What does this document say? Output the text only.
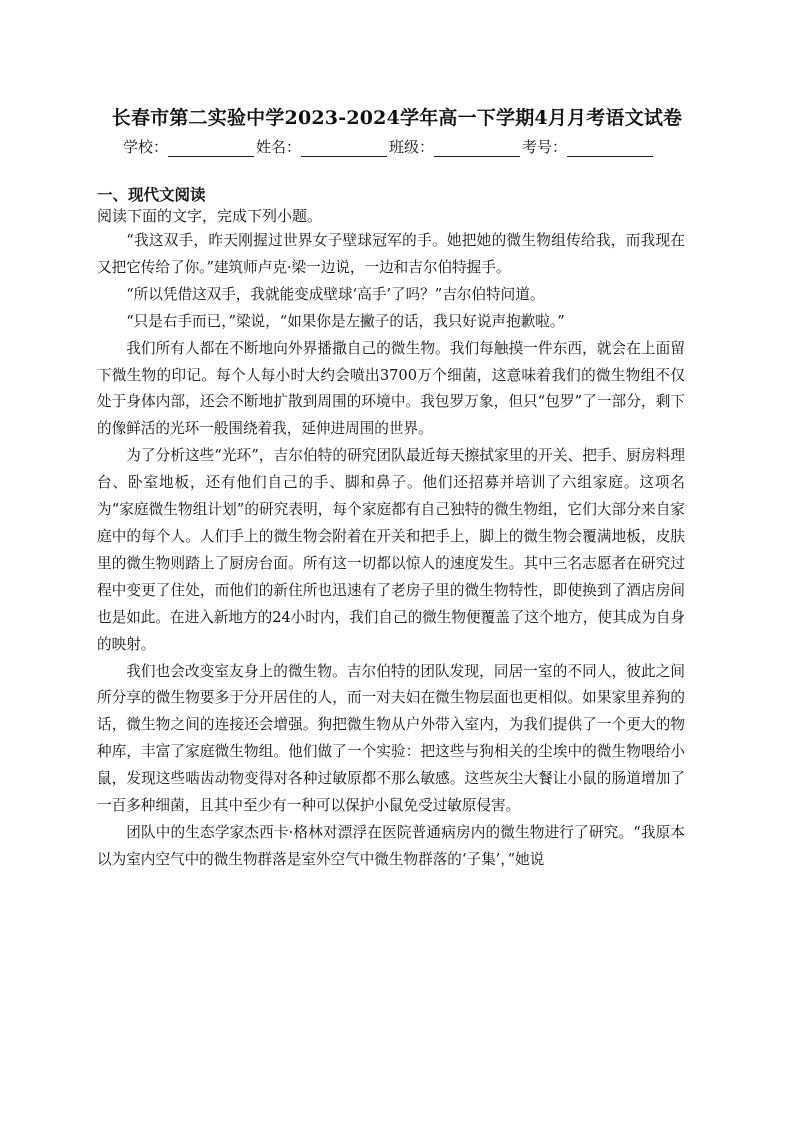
长春市第二实验中学2023-2024学年高一下学期4月月考语文试卷
学校：	姓名：	班级：	考号：
一、现代文阅读
阅读下面的文字，完成下列小题。

“我这双手，昨天刚握过世界女子壁球冠军的手。她把她的微生物组传给我，而我现在又把它传给了你。”建筑师卢克·梁一边说，一边和吉尔伯特握手。

“所以凭借这双手，我就能变成壁球‘高手’了吗？”吉尔伯特问道。

“只是右手而已，”梁说，“如果你是左撇子的话，我只好说声抱歉啦。”

我们所有人都在不断地向外界播撒自己的微生物。我们每触摸一件东西，就会在上面留下微生物的印记。每个人每小时大约会喷出3700万个细菌，这意味着我们的微生物组不仅处于身体内部，还会不断地扩散到周围的环境中。我包罗万象，但只“包罗”了一部分，剩下的像鲜活的光环一般围绕着我，延伸进周围的世界。

为了分析这些“光环”，吉尔伯特的研究团队最近每天擦拭家里的开关、把手、厨房料理台、卧室地板，还有他们自己的手、脚和鼻子。他们还招募并培训了六组家庭。这项名为“家庭微生物组计划”的研究表明，每个家庭都有自己独特的微生物组，它们大部分来自家庭中的每个人。人们手上的微生物会附着在开关和把手上，脚上的微生物会覆满地板，皮肤里的微生物则踏上了厨房台面。所有这一切都以惊人的速度发生。其中三名志愿者在研究过程中变更了住处，而他们的新住所也迅速有了老房子里的微生物特性，即使换到了酒店房间也是如此。在进入新地方的24小时内，我们自己的微生物便覆盖了这个地方，使其成为自身的映射。

我们也会改变室友身上的微生物。吉尔伯特的团队发现，同居一室的不同人，彼此之间所分享的微生物要多于分开居住的人，而一对夫妇在微生物层面也更相似。如果家里养狗的话，微生物之间的连接还会增强。狗把微生物从户外带入室内，为我们提供了一个更大的物种库，丰富了家庭微生物组。他们做了一个实验：把这些与狗相关的尘埃中的微生物喂给小鼠，发现这些啮齿动物变得对各种过敏原都不那么敏感。这些灰尘大餐让小鼠的肠道增加了一百多种细菌，且其中至少有一种可以保护小鼠免受过敏原侵害。

团队中的生态学家杰西卡·格林对漂浮在医院普通病房内的微生物进行了研究。“我原本以为室内空气中的微生物群落是室外空气中微生物群落的‘子集’，”她说
